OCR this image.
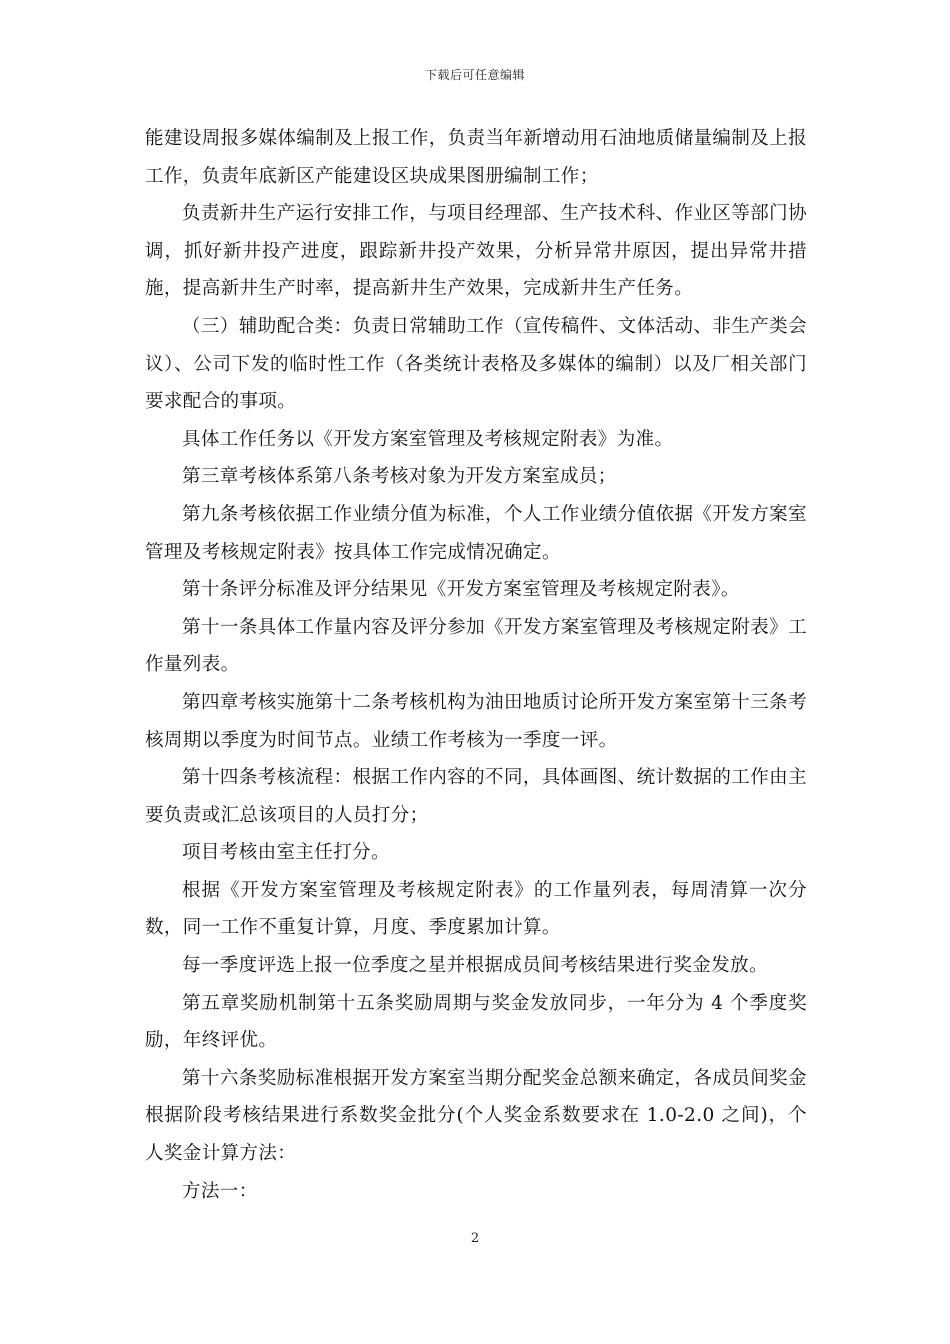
下载后可任意编辑

能建设周报多媒体编制及上报工作，负责当年新增动用石油地质储量编制及上报工作，负责年底新区产能建设区块成果图册编制工作；

负责新井生产运行安排工作，与项目经理部、生产技术科、作业区等部门协调，抓好新井投产进度，跟踪新井投产效果，分析异常井原因，提出异常井措施，提高新井生产时率，提高新井生产效果，完成新井生产任务。

（三）辅助配合类：负责日常辅助工作（宣传稿件、文体活动、非生产类会议）、公司下发的临时性工作（各类统计表格及多媒体的编制）以及厂相关部门要求配合的事项。

具体工作任务以《开发方案室管理及考核规定附表》为准。

第三章考核体系第八条考核对象为开发方案室成员；

第九条考核依据工作业绩分值为标准，个人工作业绩分值依据《开发方案室管理及考核规定附表》按具体工作完成情况确定。

第十条评分标准及评分结果见《开发方案室管理及考核规定附表》。

第十一条具体工作量内容及评分参加《开发方案室管理及考核规定附表》工作量列表。

第四章考核实施第十二条考核机构为油田地质讨论所开发方案室第十三条考核周期以季度为时间节点。业绩工作考核为一季度一评。

第十四条考核流程：根据工作内容的不同，具体画图、统计数据的工作由主要负责或汇总该项目的人员打分；

项目考核由室主任打分。

根据《开发方案室管理及考核规定附表》的工作量列表，每周清算一次分数，同一工作不重复计算，月度、季度累加计算。

每一季度评选上报一位季度之星并根据成员间考核结果进行奖金发放。

第五章奖励机制第十五条奖励周期与奖金发放同步，一年分为 4 个季度奖励，年终评优。

第十六条奖励标准根据开发方案室当期分配奖金总额来确定，各成员间奖金根据阶段考核结果进行系数奖金批分(个人奖金系数要求在 1.0-2.0 之间)，个人奖金计算方法：

方法一：

2
